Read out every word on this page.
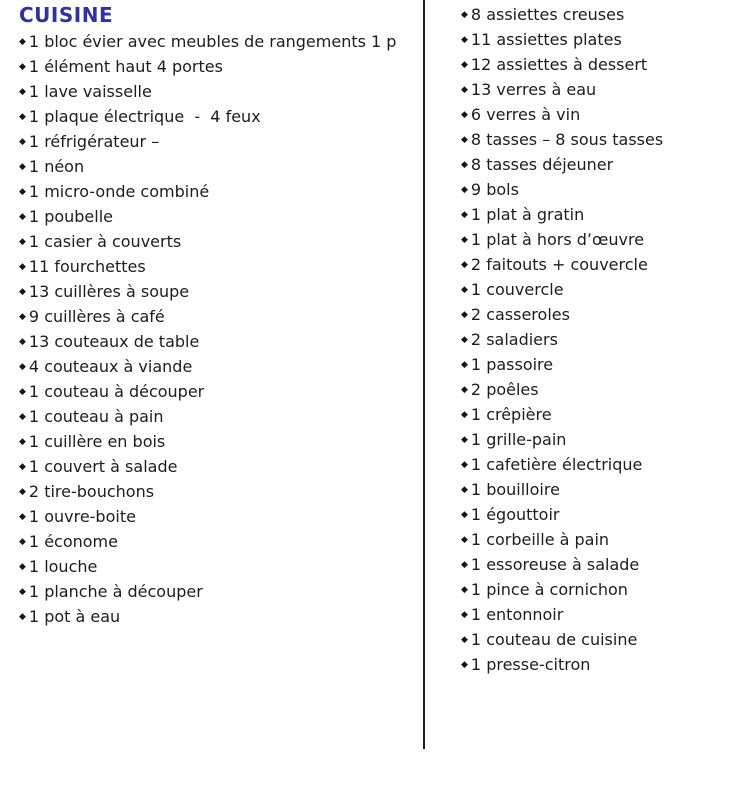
CUISINE
◆ 1 bloc évier avec meubles de rangements 1 p
◆ 1 élément haut 4 portes
◆ 1 lave vaisselle
◆ 1 plaque électrique  -  4 feux
◆ 1 réfrigérateur –
◆ 1 néon
◆ 1 micro-onde combiné
◆ 1 poubelle
◆ 1 casier à couverts
◆ 11 fourchettes
◆ 13 cuillères à soupe
◆ 9 cuillères à café
◆ 13 couteaux de table
◆ 4 couteaux à viande
◆ 1 couteau à découper
◆ 1 couteau à pain
◆ 1 cuillère en bois
◆ 1 couvert à salade
◆ 2 tire-bouchons
◆ 1 ouvre-boite
◆ 1 économe
◆ 1 louche
◆ 1 planche à découper
◆ 1 pot à eau
◆ 8 assiettes creuses
◆ 11 assiettes plates
◆ 12 assiettes à dessert
◆ 13 verres à eau
◆ 6 verres à vin
◆ 8 tasses – 8 sous tasses
◆ 8 tasses déjeuner
◆ 9 bols
◆ 1 plat à gratin
◆ 1 plat à hors d’œuvre
◆ 2 faitouts + couvercle
◆ 1 couvercle
◆ 2 casseroles
◆ 2 saladiers
◆ 1 passoire
◆ 2 poêles
◆ 1 crêpière
◆ 1 grille-pain
◆ 1 cafetière électrique
◆ 1 bouilloire
◆ 1 égouttoir
◆ 1 corbeille à pain
◆ 1 essoreuse à salade
◆ 1 pince à cornichon
◆ 1 entonnoir
◆ 1 couteau de cuisine
◆ 1 presse-citron
